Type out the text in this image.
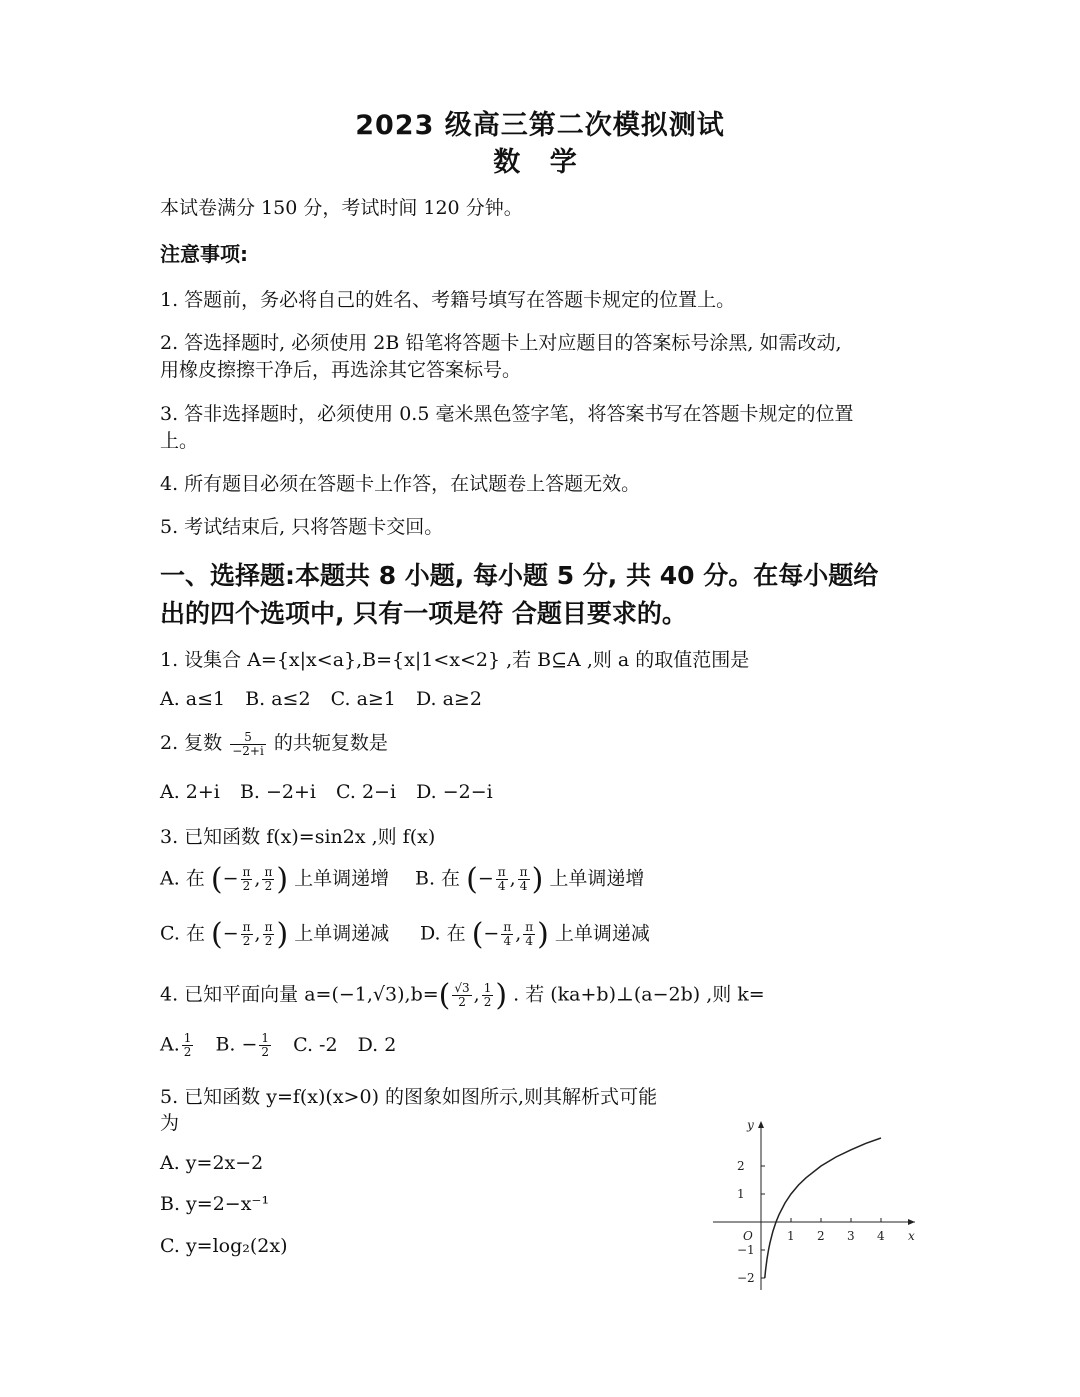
2023 级高三第二次模拟测试
数 学
本试卷满分 150 分，考试时间 120 分钟。
注意事项:
1. 答题前，务必将自己的姓名、考籍号填写在答题卡规定的位置上。
2. 答选择题时, 必须使用 2B 铅笔将答题卡上对应题目的答案标号涂黑, 如需改动,
用橡皮擦擦干净后，再选涂其它答案标号。
3. 答非选择题时，必须使用 0.5 毫米黑色签字笔，将答案书写在答题卡规定的位置
上。
4. 所有题目必须在答题卡上作答，在试题卷上答题无效。
5. 考试结束后, 只将答题卡交回。
一、选择题:本题共 8 小题, 每小题 5 分, 共 40 分。在每小题给
出的四个选项中, 只有一项是符 合题目要求的。
1. 设集合 A={x|x<a},B={x|1<x<2} ,若 B⊆A ,则 a 的取值范围是
A. a≤1 B. a≤2 C. a≥1 D. a≥2
2. 复数 $\frac{5}{-2+i}$ 的共轭复数是
A. 2+i B. −2+i C. 2−i D. −2−i
3. 已知函数 f(x)=sin2x ,则 f(x)
A. 在 (− $\frac{\pi}{2}$ , $\frac{\pi}{2}$ ) 上单调递增 B. 在 (− $\frac{\pi}{4}$ , $\frac{\pi}{4}$ ) 上单调递增
C. 在 (− $\frac{\pi}{2}$ , $\frac{\pi}{2}$ ) 上单调递减 D. 在 (− $\frac{\pi}{4}$ , $\frac{\pi}{4}$ ) 上单调递减
4. 已知平面向量 $a=(-1,√3),b=( \frac{√3}{2}$ , $\frac{1}{2}$ ) . 若 (ka+b)⊥(a−2b) ,则 k=
A. $\frac{1}{2} B$. − $\frac{1}{2} C$. -2 D. 2
5. 已知函数 y=f(x)(x>0) 的图象如图所示,则其解析式可能
为
A. y=2x−2
B. y=2−x⁻¹
C. y=log₂(2x)	x
y
O	1 2 3 4
2
1
−1
−2
